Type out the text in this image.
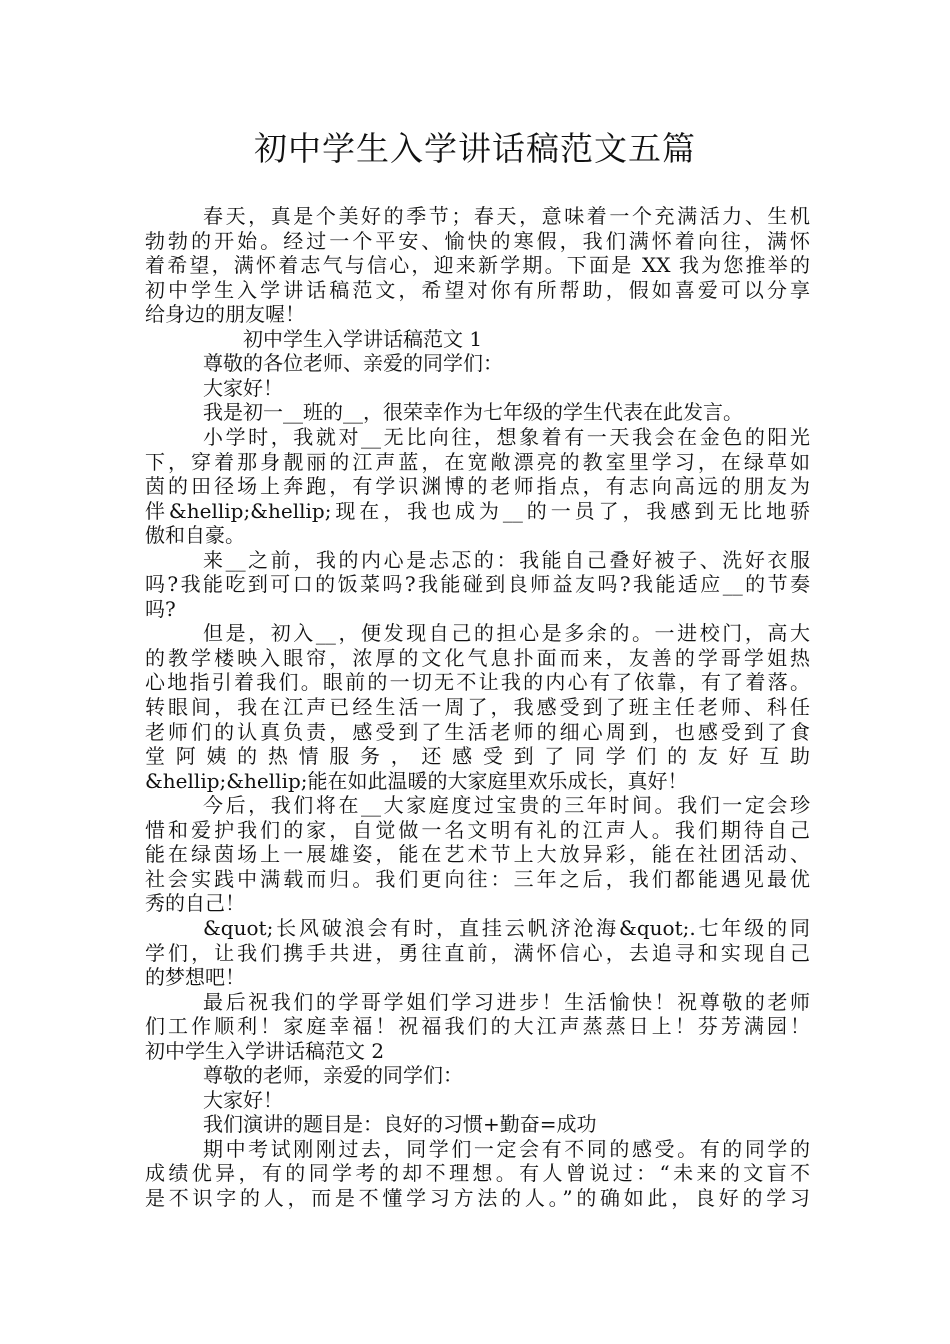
初中学生入学讲话稿范文五篇
春天，真是个美好的季节；春天，意味着一个充满活力、生机
勃勃的开始。经过一个平安、愉快的寒假，我们满怀着向往，满怀
着希望，满怀着志气与信心，迎来新学期。下面是 XX 我为您推举的
初中学生入学讲话稿范文，希望对你有所帮助，假如喜爱可以分享
给身边的朋友喔！
初中学生入学讲话稿范文 1
尊敬的各位老师、亲爱的同学们：
大家好！
我是初一__班的__，很荣幸作为七年级的学生代表在此发言。
小学时，我就对__无比向往，想象着有一天我会在金色的阳光
下，穿着那身靓丽的江声蓝，在宽敞漂亮的教室里学习，在绿草如
茵的田径场上奔跑，有学识渊博的老师指点，有志向高远的朋友为
伴&hellip;&hellip;现在，我也成为__的一员了，我感到无比地骄
傲和自豪。
来__之前，我的内心是忐忑的：我能自己叠好被子、洗好衣服
吗?我能吃到可口的饭菜吗?我能碰到良师益友吗?我能适应__的节奏
吗?
但是，初入__，便发现自己的担心是多余的。一进校门，高大
的教学楼映入眼帘，浓厚的文化气息扑面而来，友善的学哥学姐热
心地指引着我们。眼前的一切无不让我的内心有了依靠，有了着落。
转眼间，我在江声已经生活一周了，我感受到了班主任老师、科任
老师们的认真负责，感受到了生活老师的细心周到，也感受到了食
堂 阿 姨 的 热 情 服 务 ， 还 感 受 到 了 同 学 们 的 友 好 互 助
&hellip;&hellip;能在如此温暖的大家庭里欢乐成长，真好！
今后，我们将在__大家庭度过宝贵的三年时间。我们一定会珍
惜和爱护我们的家，自觉做一名文明有礼的江声人。我们期待自己
能在绿茵场上一展雄姿，能在艺术节上大放异彩，能在社团活动、
社会实践中满载而归。我们更向往：三年之后，我们都能遇见最优
秀的自己！
&quot;长风破浪会有时，直挂云帆济沧海&quot;.七年级的同
学们，让我们携手共进，勇往直前，满怀信心，去追寻和实现自己
的梦想吧！
最后祝我们的学哥学姐们学习进步！生活愉快！祝尊敬的老师
们工作顺利！家庭幸福！祝福我们的大江声蒸蒸日上！芬芳满园！
初中学生入学讲话稿范文 2
尊敬的老师，亲爱的同学们：
大家好！
我们演讲的题目是：良好的习惯+勤奋=成功
期中考试刚刚过去，同学们一定会有不同的感受。有的同学的
成绩优异，有的同学考的却不理想。有人曾说过：“未来的文盲不
是不识字的人，而是不懂学习方法的人。”的确如此，良好的学习
